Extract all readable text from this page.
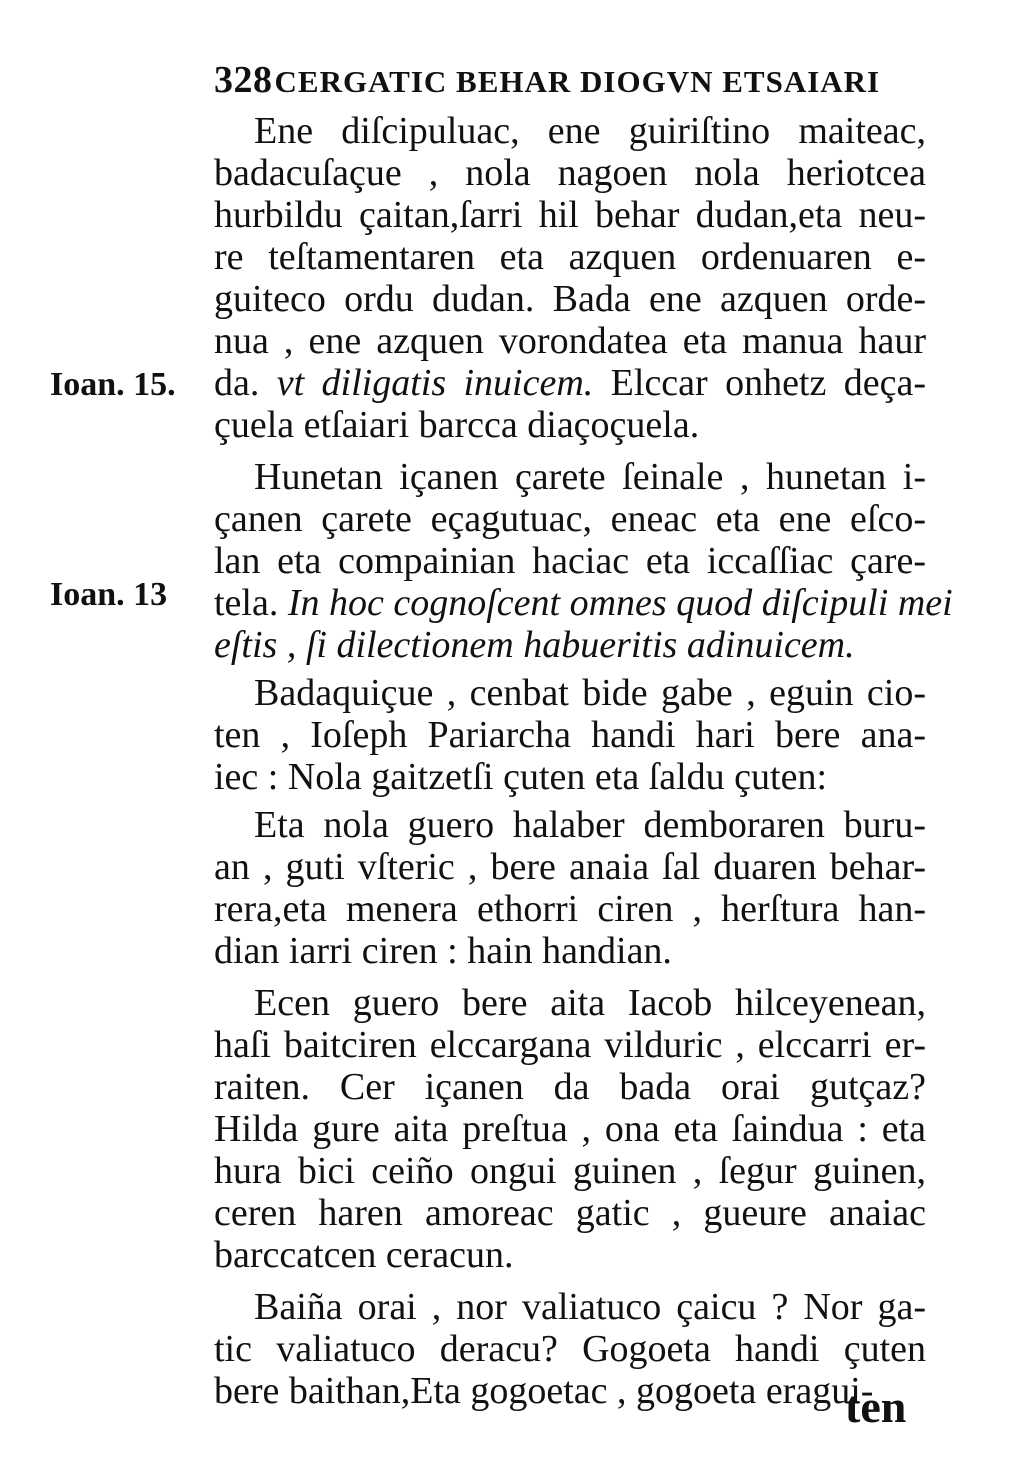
328 CERGATIC BEHAR DIOGVN ETSAIARI
Ioan. 15.
Ioan. 13
Ene diſcipuluac, ene guiriſtino maiteac,
badacuſaçue , nola nagoen nola heriotcea
hurbildu çaitan,ſarri hil behar dudan,eta neu-
re teſtamentaren eta azquen ordenuaren e-
guiteco ordu dudan. Bada ene azquen orde-
nua , ene azquen vorondatea eta manua haur
da. vt diligatis inuicem. Elccar onhetz deça-
çuela etſaiari barcca diaçoçuela.
Hunetan içanen çarete ſeinale , hunetan i-
çanen çarete eçagutuac, eneac eta ene eſco-
lan eta compainian haciac eta iccaſſiac çare-
tela. In hoc cognoſcent omnes quod diſcipuli mei
eſtis , ſi dilectionem habueritis adinuicem.
Badaquiçue , cenbat bide gabe , eguin cio-
ten , Ioſeph Pariarcha handi hari bere ana-
iec : Nola gaitzetſi çuten eta ſaldu çuten:
Eta nola guero halaber demboraren buru-
an , guti vſteric , bere anaia ſal duaren behar-
rera,eta menera ethorri ciren , herſtura han-
dian iarri ciren : hain handian.
Ecen guero bere aita Iacob hilceyenean,
haſi baitciren elccargana vilduric , elccarri er-
raiten. Cer içanen da bada orai gutçaz?
Hilda gure aita preſtua , ona eta ſaindua : eta
hura bici ceiño ongui guinen , ſegur guinen,
ceren haren amoreac gatic , gueure anaiac
barccatcen ceracun.
Baiña orai , nor valiatuco çaicu ? Nor ga-
tic valiatuco deracu? Gogoeta handi çuten
bere baithan,Eta gogoetac , gogoeta eragui-
ten
